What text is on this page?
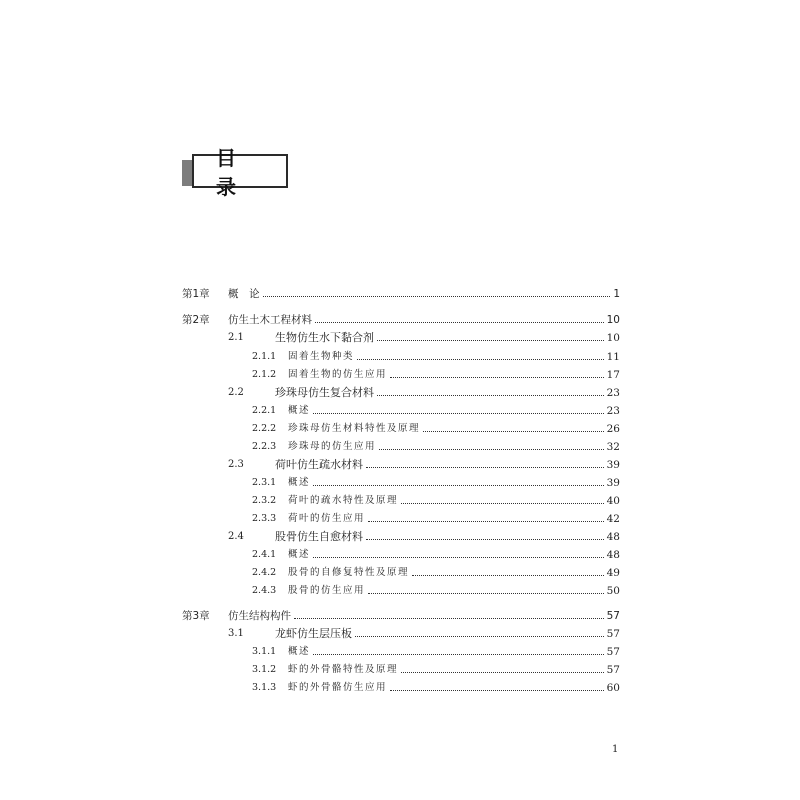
目 录
第1章	概　论	1
第2章	仿生土木工程材料	10
2.1	生物仿生水下黏合剂	10
2.1.1	固着生物种类	11
2.1.2	固着生物的仿生应用	17
2.2	珍珠母仿生复合材料	23
2.2.1	概述	23
2.2.2	珍珠母仿生材料特性及原理	26
2.2.3	珍珠母的仿生应用	32
2.3	荷叶仿生疏水材料	39
2.3.1	概述	39
2.3.2	荷叶的疏水特性及原理	40
2.3.3	荷叶的仿生应用	42
2.4	股骨仿生自愈材料	48
2.4.1	概述	48
2.4.2	股骨的自修复特性及原理	49
2.4.3	股骨的仿生应用	50
第3章	仿生结构构件	57
3.1	龙虾仿生层压板	57
3.1.1	概述	57
3.1.2	虾的外骨骼特性及原理	57
3.1.3	虾的外骨骼仿生应用	60
1
